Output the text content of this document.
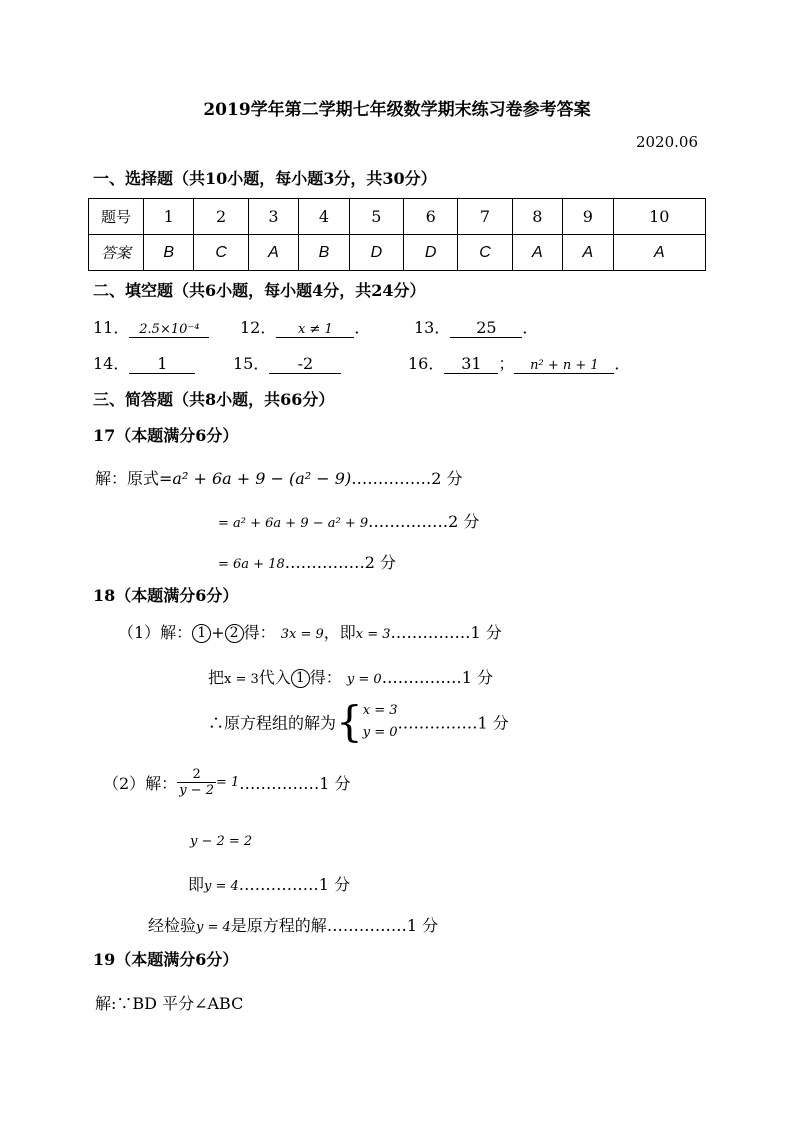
2019学年第二学期七年级数学期末练习卷参考答案
2020.06
一、选择题（共10小题，每小题3分，共30分）
题号	1	2	3	4	5	6	7	8	9	10
答案	B	C	A	B	D	D	C	A	A	A
二、填空题（共6小题，每小题4分，共24分）
11． 2.5×10⁻⁴	12． x ≠ 1 ．	13． 25 ．
14． 1	15． -2	16． 31 ； n² + n + 1 ．
三、简答题（共8小题，共66分）
17（本题满分6分）
解：原式=a² + 6a + 9 − (a² − 9)……………2 分
= a² + 6a + 9 − a² + 9……………2 分
= 6a + 18……………2 分
18（本题满分6分）
（1）解： 1 + 2 得： 3x = 9，即x = 3……………1 分
把x = 3代入 1 得： y = 0……………1 分
∴原方程组的解为{ x = 3
y = 0 ……………1 分
（2）解： $\frac{2}{y - 2}$ = 1……………1 分
y − 2 = 2
即y = 4……………1 分
经检验y = 4是原方程的解……………1 分
19（本题满分6分）
解:∵BD 平分∠ABC
